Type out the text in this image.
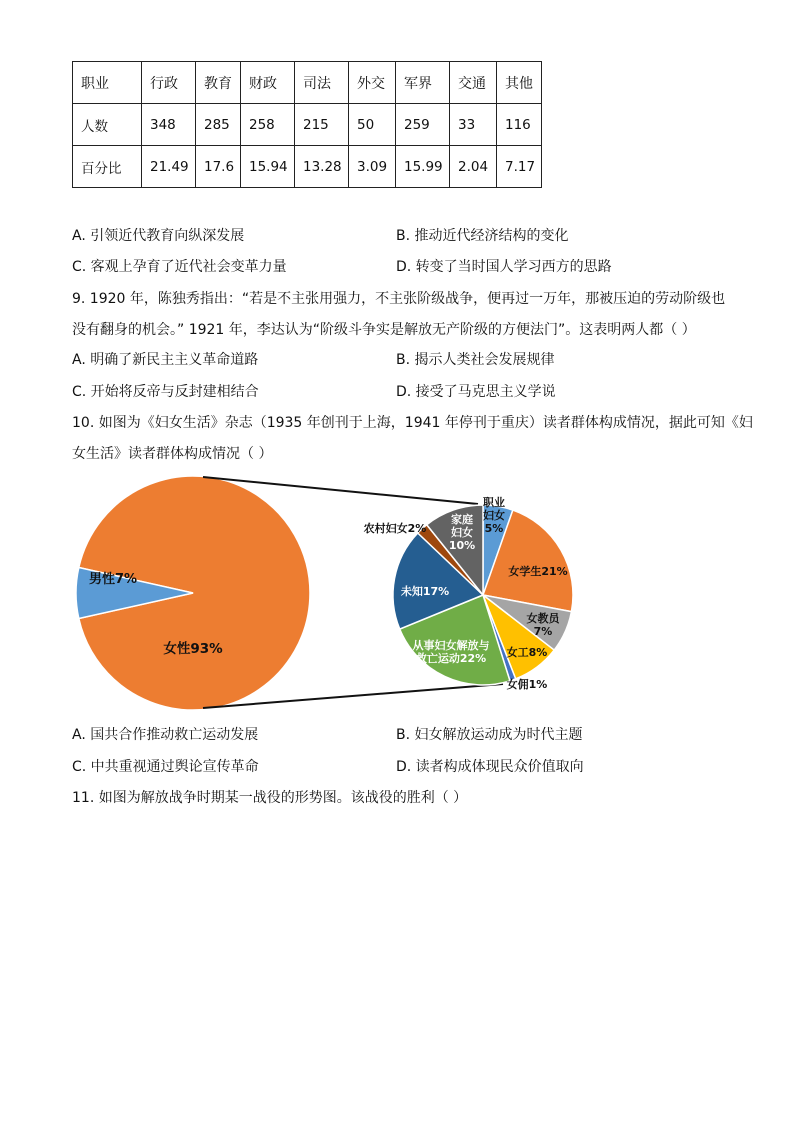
职业	行政	教育	财政	司法	外交	军界	交通	其他
人数	348	285	258	215	50	259	33	116
百分比	21.49	17.6	15.94	13.28	3.09	15.99	2.04	7.17
A. 引领近代教育向纵深发展	B. 推动近代经济结构的变化
C. 客观上孕育了近代社会变革力量	D. 转变了当时国人学习西方的思路
9. 1920 年，陈独秀指出：“若是不主张用强力，不主张阶级战争，便再过一万年，那被压迫的劳动阶级也
没有翻身的机会。” 1921 年，李达认为“阶级斗争实是解放无产阶级的方便法门”。这表明两人都（ ）
A. 明确了新民主主义革命道路	B. 揭示人类社会发展规律
C. 开始将反帝与反封建相结合	D. 接受了马克思主义学说
10. 如图为《妇女生活》杂志（1935 年创刊于上海，1941 年停刊于重庆）读者群体构成情况，据此可知《妇
女生活》读者群体构成情况（ ）
男性7%
女性93%
职业妇女 5%
女学生21%
女教员 7%
女工8%
女佣1%
从事妇女解放与救亡运动22%
未知17%
农村妇女2%
家庭妇女 10%
A. 国共合作推动救亡运动发展	B. 妇女解放运动成为时代主题
C. 中共重视通过舆论宣传革命	D. 读者构成体现民众价值取向
11. 如图为解放战争时期某一战役的形势图。该战役的胜利（ ）
